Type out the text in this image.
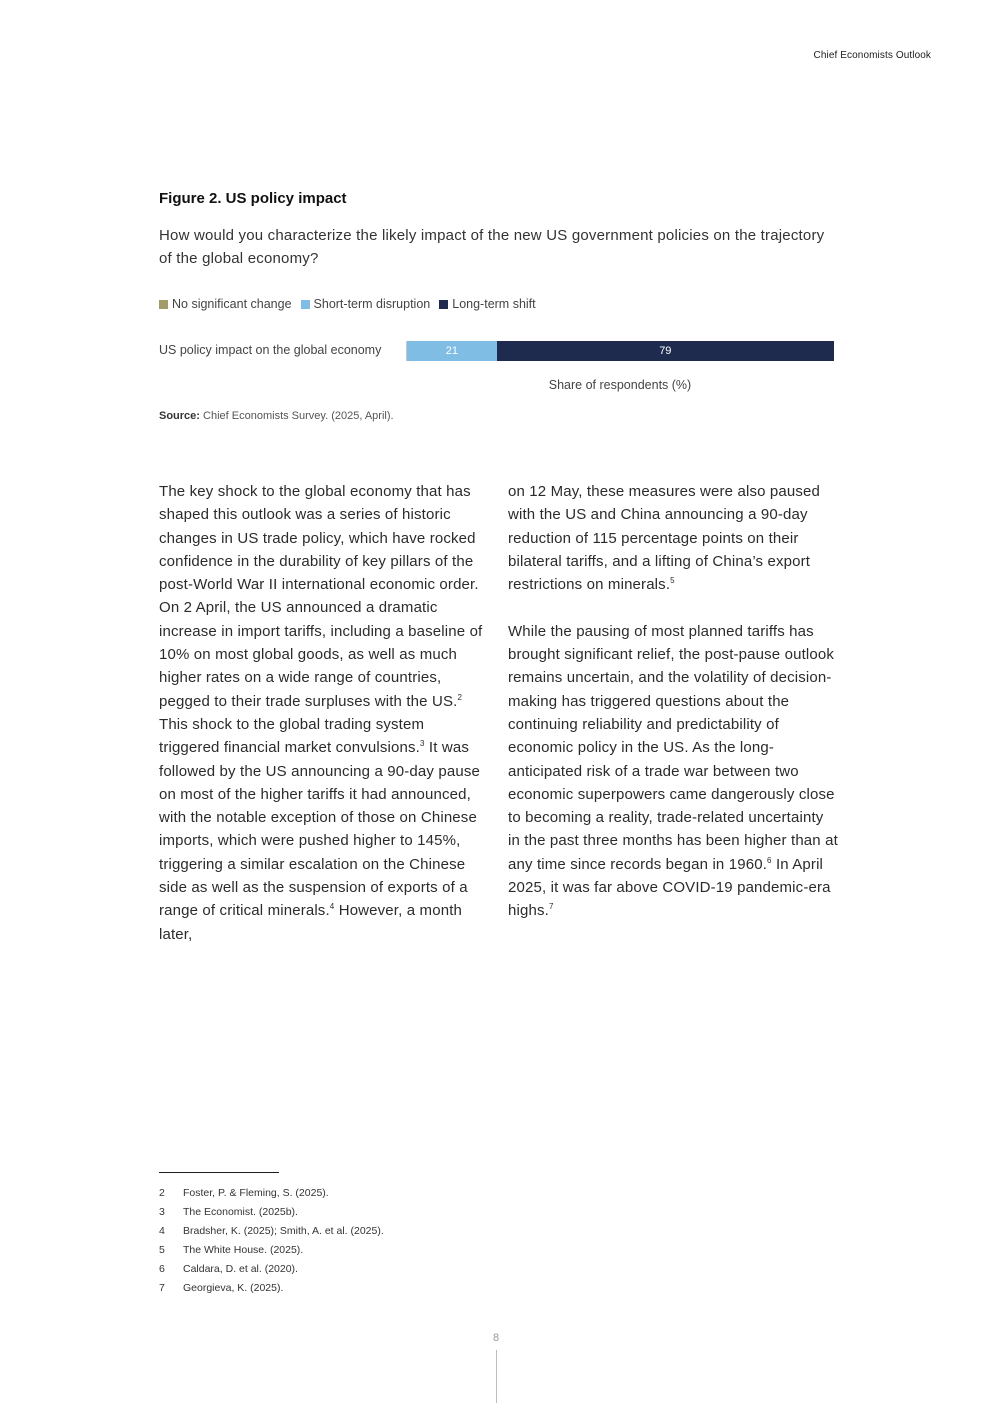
Chief Economists Outlook
Figure 2. US policy impact
How would you characterize the likely impact of the new US government policies on the trajectory of the global economy?
No significant change Short-term disruption Long-term shift
US policy impact on the global economy	21	79
Share of respondents (%)
Source: Chief Economists Survey. (2025, April).

The key shock to the global economy that has shaped this outlook was a series of historic changes in US trade policy, which have rocked confidence in the durability of key pillars of the post-World War II international economic order. On 2 April, the US announced a dramatic increase in import tariffs, including a baseline of 10% on most global goods, as well as much higher rates on a wide range of countries, pegged to their trade surpluses with the US.$^2$ This shock to the global trading system triggered financial market convulsions.$^3$ It was followed by the US announcing a 90-day pause on most of the higher tariffs it had announced, with the notable exception of those on Chinese imports, which were pushed higher to 145%, triggering a similar escalation on the Chinese side as well as the suspension of exports of a range of critical minerals.$^4$ However, a month later,

on 12 May, these measures were also paused with the US and China announcing a 90-day reduction of 115 percentage points on their bilateral tariffs, and a lifting of China’s export restrictions on minerals.$^5$

While the pausing of most planned tariffs has brought significant relief, the post-pause outlook remains uncertain, and the volatility of decision-making has triggered questions about the continuing reliability and predictability of economic policy in the US. As the long-anticipated risk of a trade war between two economic superpowers came dangerously close to becoming a reality, trade-related uncertainty in the past three months has been higher than at any time since records began in 1960.$^6$ In April 2025, it was far above COVID-19 pandemic-era highs.$^7$

2	Foster, P. & Fleming, S. (2025).
3	The Economist. (2025b).
4	Bradsher, K. (2025); Smith, A. et al. (2025).
5	The White House. (2025).
6	Caldara, D. et al. (2020).
7	Georgieva, K. (2025).
8
